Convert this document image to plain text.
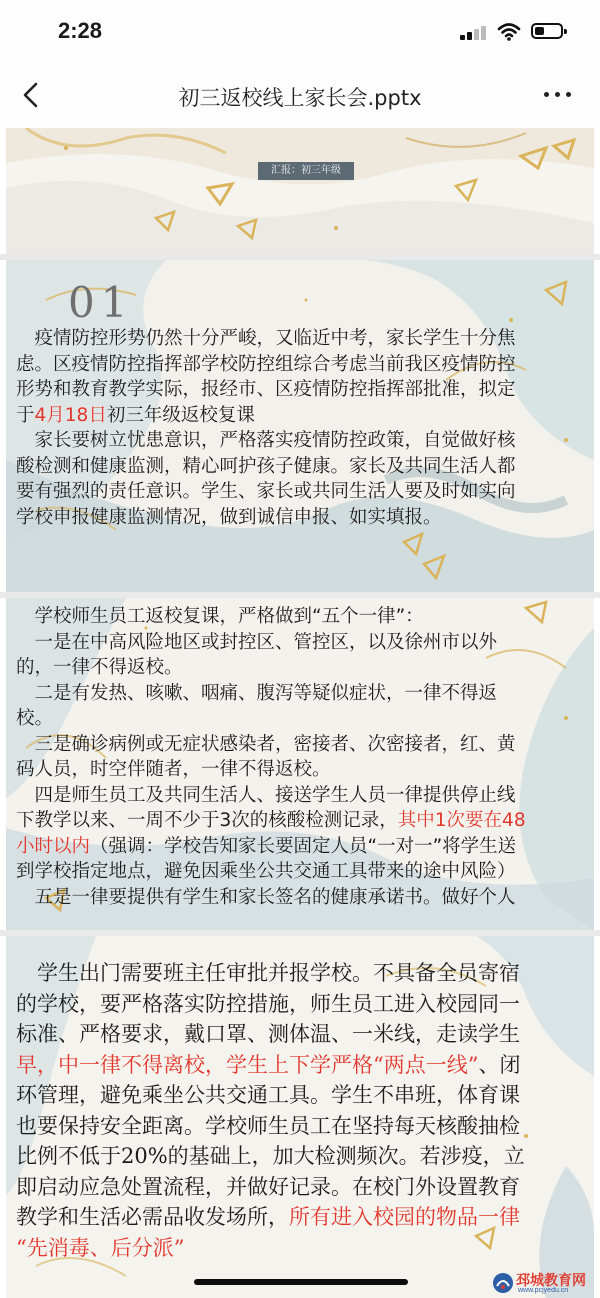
2:28
初三返校线上家长会.pptx
汇报：初三年级
01
　疫情防控形势仍然十分严峻，又临近中考，家长学生十分焦
虑。区疫情防控指挥部学校防控组综合考虑当前我区疫情防控
形势和教育教学实际，报经市、区疫情防控指挥部批准，拟定
于4月18日初三年级返校复课
　家长要树立忧患意识，严格落实疫情防控政策，自觉做好核
酸检测和健康监测，精心呵护孩子健康。家长及共同生活人都
要有强烈的责任意识。学生、家长或共同生活人要及时如实向
学校申报健康监测情况，做到诚信申报、如实填报。
　学校师生员工返校复课，严格做到“五个一律”：
　一是在中高风险地区或封控区、管控区，以及徐州市以外
的，一律不得返校。
　二是有发热、咳嗽、咽痛、腹泻等疑似症状，一律不得返
校。
　三是确诊病例或无症状感染者，密接者、次密接者，红、黄
码人员，时空伴随者，一律不得返校。
　四是师生员工及共同生活人、接送学生人员一律提供停止线
下教学以来、一周不少于3次的核酸检测记录，其中1次要在48
小时以内（强调：学校告知家长要固定人员“一对一”将学生送
到学校指定地点，避免因乘坐公共交通工具带来的途中风险）
　五是一律要提供有学生和家长签名的健康承诺书。做好个人
　学生出门需要班主任审批并报学校。不具备全员寄宿
的学校，要严格落实防控措施，师生员工进入校园同一
标准、严格要求，戴口罩、测体温、一米线，走读学生
早，中一律不得离校，学生上下学严格“两点一线”、闭
环管理，避免乘坐公共交通工具。学生不串班，体育课
也要保持安全距离。学校师生员工在坚持每天核酸抽检
比例不低于20%的基础上，加大检测频次。若涉疫，立
即启动应急处置流程，并做好记录。在校门外设置教育
教学和生活必需品收发场所，所有进入校园的物品一律
“先消毒、后分派”
邳城教育网
www.pcjyedu.cn
